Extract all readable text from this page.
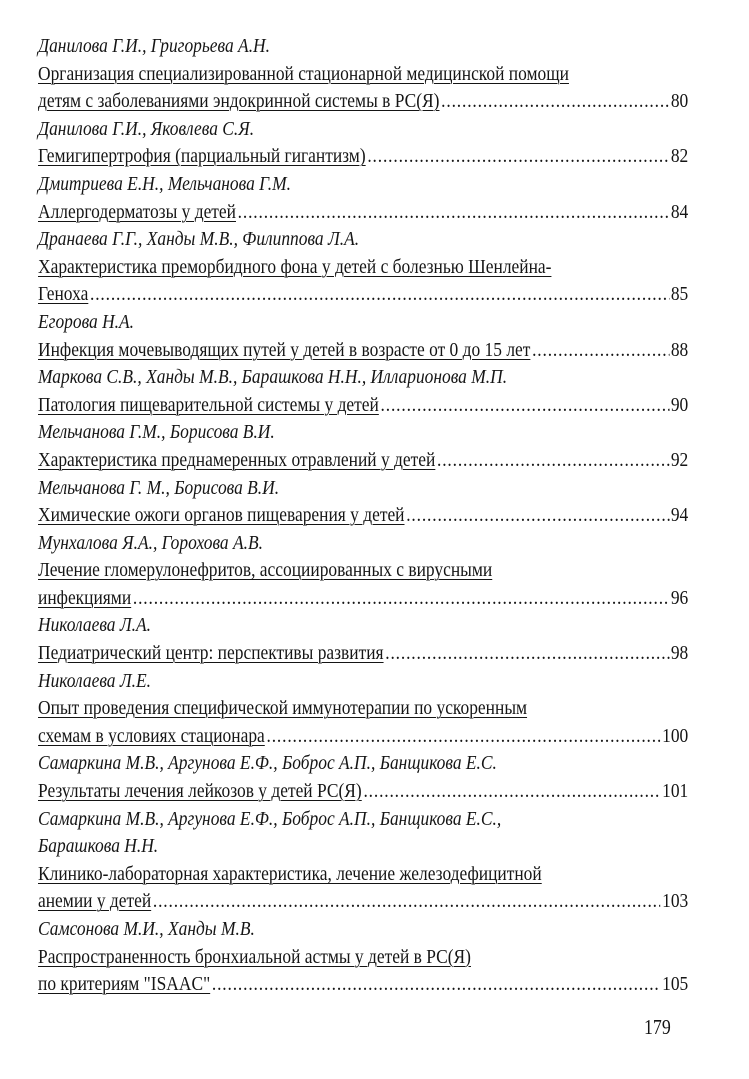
Данилова Г.И., Григорьева А.Н.
Организация специализированной стационарной медицинской помощи
детям с заболеваниями эндокринной системы в РС(Я) .....	80
Данилова Г.И., Яковлева С.Я.
Гемигипертрофия (парциальный гигантизм) .....	82
Дмитриева Е.Н., Мельчанова Г.М.
Аллергодерматозы у детей .....	84
Дранаева Г.Г., Ханды М.В., Филиппова Л.А.
Характеристика преморбидного фона у детей с болезнью Шенлейна-
Геноха .....	85
Егорова Н.А.
Инфекция мочевыводящих путей у детей в возрасте от 0 до 15 лет .....	88
Маркова С.В., Ханды М.В., Барашкова Н.Н., Илларионова М.П.
Патология пищеварительной системы у детей .....	90
Мельчанова Г.М., Борисова В.И.
Характеристика преднамеренных отравлений у детей .....	92
Мельчанова Г. М., Борисова В.И.
Химические ожоги органов пищеварения у детей .....	94
Мунхалова Я.А., Горохова А.В.
Лечение гломерулонефритов, ассоциированных с вирусными
инфекциями .....	96
Николаева Л.А.
Педиатрический центр: перспективы развития .....	98
Николаева Л.Е.
Опыт проведения специфической иммунотерапии по ускоренным
схемам в условиях стационара .....	100
Самаркина М.В., Аргунова Е.Ф., Боброс А.П., Банщикова Е.С.
Результаты лечения лейкозов у детей РС(Я) .....	101
Самаркина М.В., Аргунова Е.Ф., Боброс А.П., Банщикова Е.С.,
Барашкова Н.Н.
Клинико-лабораторная характеристика, лечение железодефицитной
анемии у детей .....	103
Самсонова М.И., Ханды М.В.
Распространенность бронхиальной астмы у детей в РС(Я)
по критериям "ISAAC" .....	105
179
